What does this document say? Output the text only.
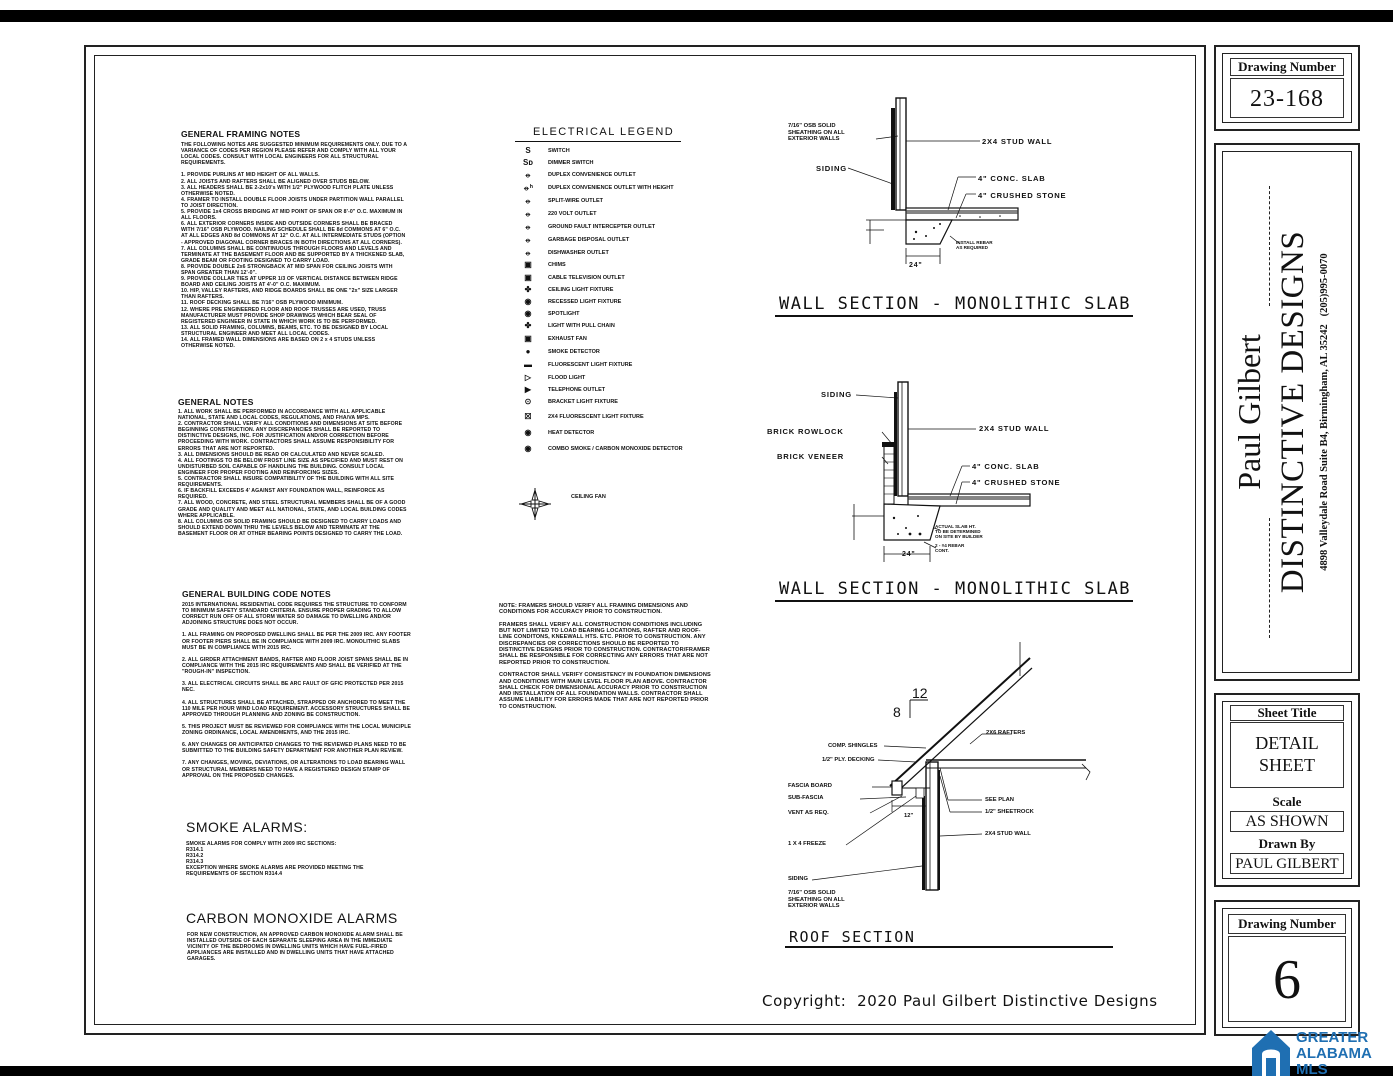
GENERAL FRAMING NOTES
THE FOLLOWING NOTES ARE SUGGESTED MINIMUM REQUIREMENTS ONLY. DUE TO A VARIANCE OF CODES PER REGION PLEASE REFER AND COMPLY WITH ALL YOUR LOCAL CODES. CONSULT WITH LOCAL ENGINEERS FOR ALL STRUCTURAL REQUIREMENTS.

1. PROVIDE PURLINS AT MID HEIGHT OF ALL WALLS.
2. ALL JOISTS AND RAFTERS SHALL BE ALIGNED OVER STUDS BELOW.
3. ALL HEADERS SHALL BE 2-2x10's WITH 1/2" PLYWOOD FLITCH PLATE UNLESS OTHERWISE NOTED.
4. FRAMER TO INSTALL DOUBLE FLOOR JOISTS UNDER PARTITION WALL PARALLEL TO JOIST DIRECTION.
5. PROVIDE 1x4 CROSS BRIDGING AT MID POINT OF SPAN OR 8'-0" O.C. MAXIMUM IN ALL FLOORS.
6. ALL EXTERIOR CORNERS INSIDE AND OUTSIDE CORNERS SHALL BE BRACED WITH 7/16" OSB PLYWOOD. NAILING SCHEDULE SHALL BE 8d COMMONS AT 6" O.C. AT ALL EDGES AND 8d COMMONS AT 12" O.C. AT ALL INTERMEDIATE STUDS (OPTION - APPROVED DIAGONAL CORNER BRACES IN BOTH DIRECTIONS AT ALL CORNERS).
7. ALL COLUMNS SHALL BE CONTINUOUS THROUGH FLOORS AND LEVELS AND TERMINATE AT THE BASEMENT FLOOR AND BE SUPPORTED BY A THICKENED SLAB, GRADE BEAM OR FOOTING DESIGNED TO CARRY LOAD.
8. PROVIDE DOUBLE 2x6 STRONGBACK AT MID SPAN FOR CEILING JOISTS WITH SPAN GREATER THAN 12'-0".
9. PROVIDE COLLAR TIES AT UPPER 1/3 OF VERTICAL DISTANCE BETWEEN RIDGE BOARD AND CEILING JOISTS AT 4'-0" O.C. MAXIMUM.
10. HIP, VALLEY RAFTERS, AND RIDGE BOARDS SHALL BE ONE "2x" SIZE LARGER THAN RAFTERS.
11. ROOF DECKING SHALL BE 7/16" OSB PLYWOOD MINIMUM.
12. WHERE PRE ENGINEERED FLOOR AND ROOF TRUSSES ARE USED, TRUSS MANUFACTURER MUST PROVIDE SHOP DRAWINGS WHICH BEAR SEAL OF REGISTERED ENGINEER IN STATE IN WHICH WORK IS TO BE PERFORMED.
13. ALL SOLID FRAMING, COLUMNS, BEAMS, ETC. TO BE DESIGNED BY LOCAL STRUCTURAL ENGINEER AND MEET ALL LOCAL CODES.
14. ALL FRAMED WALL DIMENSIONS ARE BASED ON 2 x 4 STUDS UNLESS OTHERWISE NOTED.
GENERAL NOTES
1. ALL WORK SHALL BE PERFORMED IN ACCORDANCE WITH ALL APPLICABLE NATIONAL, STATE AND LOCAL CODES, REGULATIONS, AND FHA/VA MPS.
2. CONTRACTOR SHALL VERIFY ALL CONDITIONS AND DIMENSIONS AT SITE BEFORE BEGINNING CONSTRUCTION. ANY DISCREPANCIES SHALL BE REPORTED TO DISTINCTIVE DESIGNS, INC. FOR JUSTIFICATION AND/OR CORRECTION BEFORE PROCEEDING WITH WORK. CONTRACTORS SHALL ASSUME RESPONSIBILITY FOR ERRORS THAT ARE NOT REPORTED.
3. ALL DIMENSIONS SHOULD BE READ OR CALCULATED AND NEVER SCALED.
4. ALL FOOTINGS TO BE BELOW FROST LINE SIZE AS SPECIFIED AND MUST REST ON UNDISTURBED SOIL CAPABLE OF HANDLING THE BUILDING. CONSULT LOCAL ENGINEER FOR PROPER FOOTING AND REINFORCING SIZES.
5. CONTRACTOR SHALL INSURE COMPATIBILITY OF THE BUILDING WITH ALL SITE REQUIREMENTS.
6. IF BACKFILL EXCEEDS 4' AGAINST ANY FOUNDATION WALL, REINFORCE AS REQUIRED.
7. ALL WOOD, CONCRETE, AND STEEL STRUCTURAL MEMBERS SHALL BE OF A GOOD GRADE AND QUALITY AND MEET ALL NATIONAL, STATE, AND LOCAL BUILDING CODES WHERE APPLICABLE.
8. ALL COLUMNS OR SOLID FRAMING SHOULD BE DESIGNED TO CARRY LOADS AND SHOULD EXTEND DOWN THRU THE LEVELS BELOW AND TERMINATE AT THE BASEMENT FLOOR OR AT OTHER BEARING POINTS DESIGNED TO CARRY THE LOAD.
GENERAL BUILDING CODE NOTES
2015 INTERNATIONAL RESIDENTIAL CODE REQUIRES THE STRUCTURE TO CONFORM TO MINIMUM SAFETY STANDARD CRITERIA. ENSURE PROPER GRADING TO ALLOW CORRECT RUN OFF OF ALL STORM WATER SO DAMAGE TO DWELLING AND/OR ADJOINING STRUCTURE DOES NOT OCCUR.

1. ALL FRAMING ON PROPOSED DWELLING SHALL BE PER THE 2009 IRC. ANY FOOTER OR FOOTER PIERS SHALL BE IN COMPLIANCE WITH 2009 IRC. MONOLITHIC SLABS MUST BE IN COMPLIANCE WITH 2015 IRC.

2. ALL GIRDER ATTACHMENT BANDS, RAFTER AND FLOOR JOIST SPANS SHALL BE IN COMPLIANCE WITH THE 2015 IRC REQUIREMENTS AND SHALL BE VERIFIED AT THE "ROUGH-IN" INSPECTION.

3. ALL ELECTRICAL CIRCUITS SHALL BE ARC FAULT OF GFIC PROTECTED PER 2015 NEC.

4. ALL STRUCTURES SHALL BE ATTACHED, STRAPPED OR ANCHORED TO MEET THE 110 MILE PER HOUR WIND LOAD REQUIREMENT. ACCESSORY STRUCTURES SHALL BE APPROVED THROUGH PLANNING AND ZONING BE CONSTRUCTION.

5. THIS PROJECT MUST BE REVIEWED FOR COMPLIANCE WITH THE LOCAL MUNICIPLE ZONING ORDINANCE, LOCAL AMENDMENTS, AND THE 2015 IRC.

6. ANY CHANGES OR ANTICIPATED CHANGES TO THE REVIEWED PLANS NEED TO BE SUBMITTED TO THE BUILDING SAFETY DEPARTMENT FOR ANOTHER PLAN REVIEW.

7. ANY CHANGES, MOVING, DEVIATIONS, OR ALTERATIONS TO LOAD BEARING WALL OR STRUCTURAL MEMBERS NEED TO HAVE A REGISTERED DESIGN STAMP OF APPROVAL ON THE PROPOSED CHANGES.
SMOKE ALARMS:
SMOKE ALARMS FOR COMPLY WITH 2009 IRC SECTIONS:
R314.1
R314.2
R314.3
EXCEPTION WHERE SMOKE ALARMS ARE PROVIDED MEETING THE REQUIREMENTS OF SECTION R314.4
CARBON MONOXIDE ALARMS
FOR NEW CONSTRUCTION, AN APPROVED CARBON MONOXIDE ALARM SHALL BE INSTALLED OUTSIDE OF EACH SEPARATE SLEEPING AREA IN THE IMMEDIATE VICINITY OF THE BEDROOMS IN DWELLING UNITS WHICH HAVE FUEL-FIRED APPLIANCES ARE INSTALLED AND IN DWELLING UNITS THAT HAVE ATTACHED GARAGES.
ELECTRICAL LEGEND
S	SWITCH
Sᴅ	DIMMER SWITCH
⦵	DUPLEX CONVENIENCE OUTLET
⦵ʰ	DUPLEX CONVENIENCE OUTLET WITH HEIGHT
⦵	SPLIT-WIRE OUTLET
⦵	220 VOLT OUTLET
⦵	GROUND FAULT INTERCEPTER OUTLET
⦵	GARBAGE DISPOSAL OUTLET
⦵	DISHWASHER OUTLET
▣	CHIMS
▣	CABLE TELEVISION OUTLET
✤	CEILING LIGHT FIXTURE
◉	RECESSED LIGHT FIXTURE
◉	SPOTLIGHT
✤	LIGHT WITH PULL CHAIN
▣	EXHAUST FAN
●	SMOKE DETECTOR
▬	FLUORESCENT LIGHT FIXTURE
▷	FLOOD LIGHT
▶	TELEPHONE OUTLET
⊙	BRACKET LIGHT FIXTURE
☒	2X4 FLUORESCENT LIGHT FIXTURE
◉	HEAT DETECTOR
◉	COMBO SMOKE / CARBON MONOXIDE DETECTOR
CEILING FAN
NOTE: FRAMERS SHOULD VERIFY ALL FRAMING DIMENSIONS AND CONDITIONS FOR ACCURACY PRIOR TO CONSTRUCTION.

FRAMERS SHALL VERIFY ALL CONSTRUCTION CONDITIONS INCLUDING BUT NOT LIMITED TO LOAD BEARING LOCATIONS, RAFTER AND ROOF-LINE CONDITONS, KNEEWALL HTS. ETC. PRIOR TO CONSTRUCTION. ANY DISCREPANCIES OR CORRECTIONS SHOULD BE REPORTED TO DISTINCTIVE DESIGNS PRIOR TO CONSTRUCTION. CONTRACTOR/FRAMER SHALL BE RESPONSIBLE FOR CORRECTING ANY ERRORS THAT ARE NOT REPORTED PRIOR TO CONSTRUCTION.

CONTRACTOR SHALL VERIFY CONSISTENCY IN FOUNDATION DIMENSIONS AND CONDITIONS WITH MAIN LEVEL FLOOR PLAN ABOVE. CONTRACTOR SHALL CHECK FOR DIMENSIONAL ACCURACY PRIOR TO CONSTRUCTION AND INSTALLATION OF ALL FOUNDATION WALLS. CONTRACTOR SHALL ASSUME LIABILITY FOR ERRORS MADE THAT ARE NOT REPORTED PRIOR TO CONSTRUCTION.
7/16" OSB SOLID
SHEATHING ON ALL
EXTERIOR WALLS
SIDING
2X4 STUD WALL
4" CONC. SLAB
4" CRUSHED STONE
INSTALL REBAR
AS REQUIRED
24"
WALL SECTION - MONOLITHIC SLAB
SIDING
BRICK ROWLOCK
BRICK VENEER
2X4 STUD WALL
4" CONC. SLAB
4" CRUSHED STONE
ACTUAL SLAB HT.
TO BE DETERMINED
ON SITE BY BUILDER
2 - #4 REBAR
CONT.
24"
WALL SECTION - MONOLITHIC SLAB
8
12
2X6 RAFTERS
COMP. SHINGLES
1/2" PLY. DECKING
FASCIA BOARD
SUB-FASCIA
VENT AS REQ.	12"
SEE PLAN
1/2" SHEETROCK
2X4 STUD WALL
1 X 4 FREEZE
SIDING
7/16" OSB SOLID
SHEATHING ON ALL
EXTERIOR WALLS
ROOF SECTION
Copyright:  2020 Paul Gilbert Distinctive Designs
Drawing Number
23-168
Paul Gilbert DISTINCTIVE DESIGNS 4898 Valleydale Road Suite B4, Birmingham, AL 35242   (205)995-0070
Sheet Title
DETAIL
SHEET
Scale
AS SHOWN
Drawn By
PAUL GILBERT
Drawing Number
6
GREATER
ALABAMA
MLS
